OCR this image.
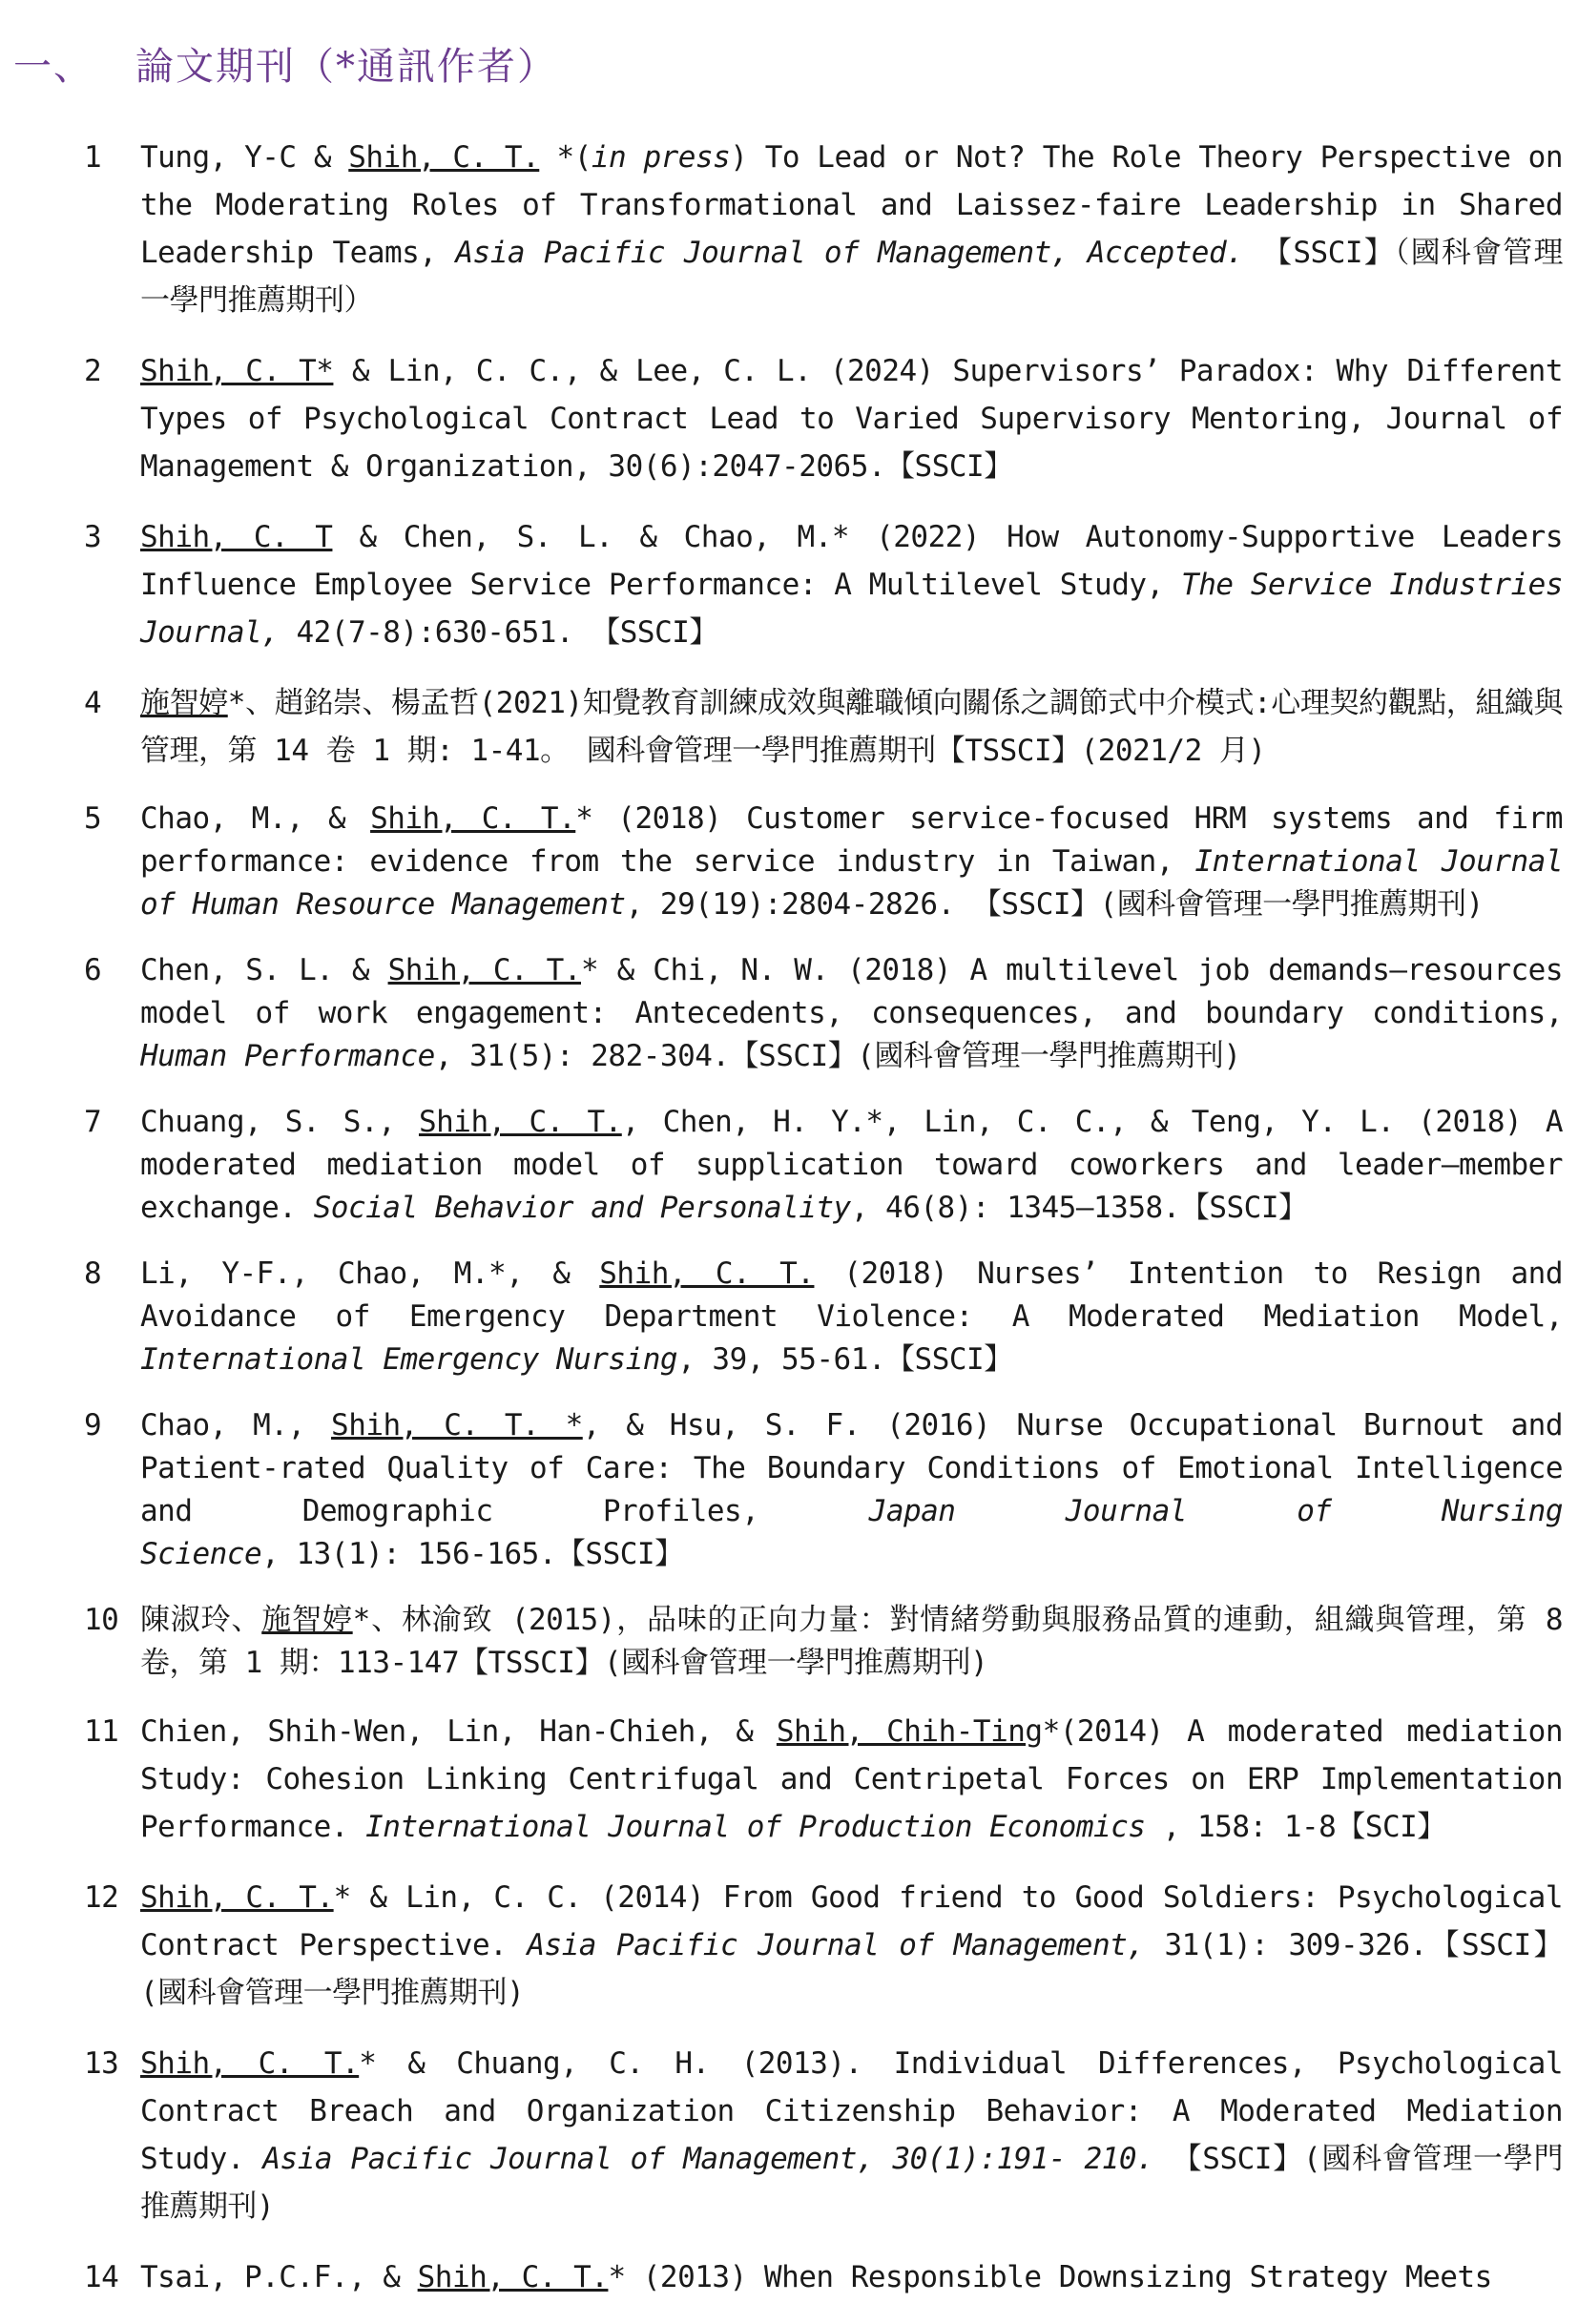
一、 論文期刊（*通訊作者）
1	Tung, Y-C & Shih, C. T. *(in press) To Lead or Not? The Role Theory Perspective on the Moderating Roles of Transformational and Laissez-faire Leadership in Shared Leadership Teams, Asia Pacific Journal of Management, Accepted. 【SSCI】（國科會管理一學門推薦期刊）
2	Shih, C. T* & Lin, C. C., & Lee, C. L. (2024) Supervisors’ Paradox: Why Different Types of Psychological Contract Lead to Varied Supervisory Mentoring, Journal of Management & Organization, 30(6):2047-2065.【SSCI】
3	Shih, C. T & Chen, S. L. & Chao, M.* (2022) How Autonomy-Supportive Leaders Influence Employee Service Performance: A Multilevel Study, The Service Industries Journal, 42(7-8):630-651. 【SSCI】
4	施智婷*、趙銘崇、楊孟哲(2021)知覺教育訓練成效與離職傾向關係之調節式中介模式:心理契約觀點，組織與管理，第 14 卷 1 期: 1-41。 國科會管理一學門推薦期刊【TSSCI】(2021/2 月)
5	Chao, M., & Shih, C. T.* (2018) Customer service-focused HRM systems and firm performance: evidence from the service industry in Taiwan, International Journal of Human Resource Management, 29(19):2804-2826. 【SSCI】(國科會管理一學門推薦期刊)
6	Chen, S. L. & Shih, C. T.* & Chi, N. W. (2018) A multilevel job demands–resources model of work engagement: Antecedents, consequences, and boundary conditions, Human Performance, 31(5): 282-304.【SSCI】(國科會管理一學門推薦期刊)
7	Chuang, S. S., Shih, C. T., Chen, H. Y.*, Lin, C. C., & Teng, Y. L. (2018) A moderated mediation model of supplication toward coworkers and leader–member exchange. Social Behavior and Personality, 46(8): 1345–1358.【SSCI】
8	Li, Y-F., Chao, M.*, & Shih, C. T. (2018) Nurses’ Intention to Resign and Avoidance of Emergency Department Violence: A Moderated Mediation Model, International Emergency Nursing, 39, 55-61.【SSCI】
9	Chao, M., Shih, C. T. *, & Hsu, S. F. (2016) Nurse Occupational Burnout and Patient-rated Quality of Care: The Boundary Conditions of Emotional Intelligence and Demographic Profiles, Japan Journal of Nursing Science, 13(1): 156-165.【SSCI】
10 陳淑玲、施智婷*、林渝致 (2015)，品味的正向力量：對情緒勞動與服務品質的連動，組織與管理，第 8 卷，第 1 期：113-147【TSSCI】(國科會管理一學門推薦期刊)
11 Chien, Shih-Wen, Lin, Han-Chieh, & Shih, Chih-Ting*(2014) A moderated mediation Study: Cohesion Linking Centrifugal and Centripetal Forces on ERP Implementation Performance. International Journal of Production Economics , 158: 1-8【SCI】
12 Shih, C. T.* & Lin, C. C. (2014) From Good friend to Good Soldiers: Psychological Contract Perspective. Asia Pacific Journal of Management, 31(1): 309-326.【SSCI】(國科會管理一學門推薦期刊)
13 Shih, C. T.* & Chuang, C. H. (2013). Individual Differences, Psychological Contract Breach and Organization Citizenship Behavior: A Moderated Mediation Study. Asia Pacific Journal of Management, 30(1):191- 210. 【SSCI】(國科會管理一學門推薦期刊)
14 Tsai, P.C.F., & Shih, C. T.* (2013) When Responsible Downsizing Strategy Meets
